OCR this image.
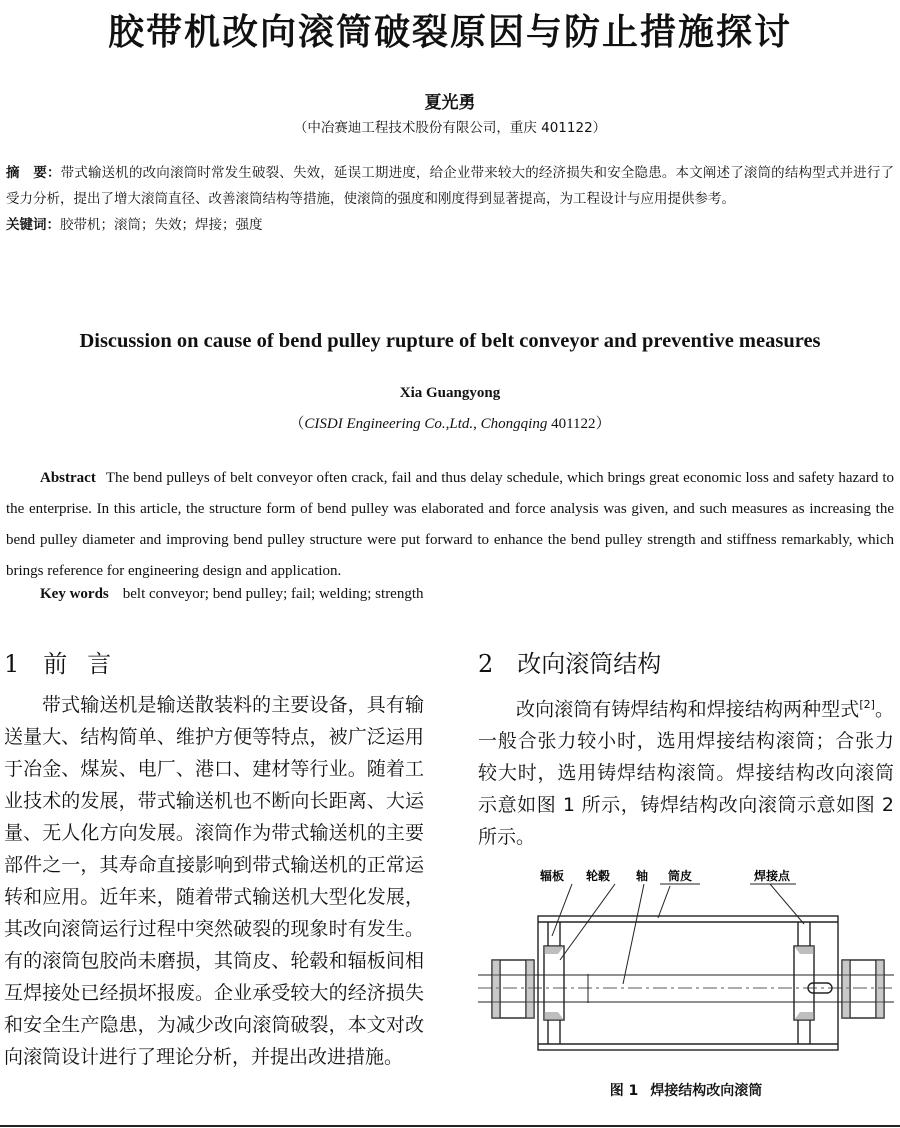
胶带机改向滚筒破裂原因与防止措施探讨
夏光勇
（中冶赛迪工程技术股份有限公司，重庆 401122）
摘　要：带式输送机的改向滚筒时常发生破裂、失效，延误工期进度，给企业带来较大的经济损失和安全隐患。本文阐述了滚筒的结构型式并进行了受力分析，提出了增大滚筒直径、改善滚筒结构等措施，使滚筒的强度和刚度得到显著提高，为工程设计与应用提供参考。
关键词：胶带机；滚筒；失效；焊接；强度
Discussion on cause of bend pulley rupture of belt conveyor and preventive measures
Xia Guangyong
（CISDI Engineering Co.,Ltd., Chongqing 401122）
Abstract The bend pulleys of belt conveyor often crack, fail and thus delay schedule, which brings great economic loss and safety hazard to the enterprise. In this article, the structure form of bend pulley was elaborated and force analysis was given, and such measures as increasing the bend pulley diameter and improving bend pulley structure were put forward to enhance the bend pulley strength and stiffness remarkably, which brings reference for engineering design and application.
Key words belt conveyor; bend pulley; fail; welding; strength
1 前言	2 改向滚筒结构
带式输送机是输送散装料的主要设备，具有输送量大、结构简单、维护方便等特点，被广泛运用于冶金、煤炭、电厂、港口、建材等行业。随着工业技术的发展，带式输送机也不断向长距离、大运量、无人化方向发展。滚筒作为带式输送机的主要部件之一，其寿命直接影响到带式输送机的正常运转和应用。近年来，随着带式输送机大型化发展，其改向滚筒运行过程中突然破裂的现象时有发生。有的滚筒包胶尚未磨损，其筒皮、轮毂和辐板间相互焊接处已经损坏报废。企业承受较大的经济损失和安全生产隐患，为减少改向滚筒破裂，本文对改向滚筒设计进行了理论分析，并提出改进措施。
改向滚筒有铸焊结构和焊接结构两种型式[2]。一般合张力较小时，选用焊接结构滚筒；合张力较大时，选用铸焊结构滚筒。焊接结构改向滚筒示意如图 1 所示，铸焊结构改向滚筒示意如图 2 所示。
辐板 轮毂 轴 筒皮	焊接点
图 1 焊接结构改向滚筒
